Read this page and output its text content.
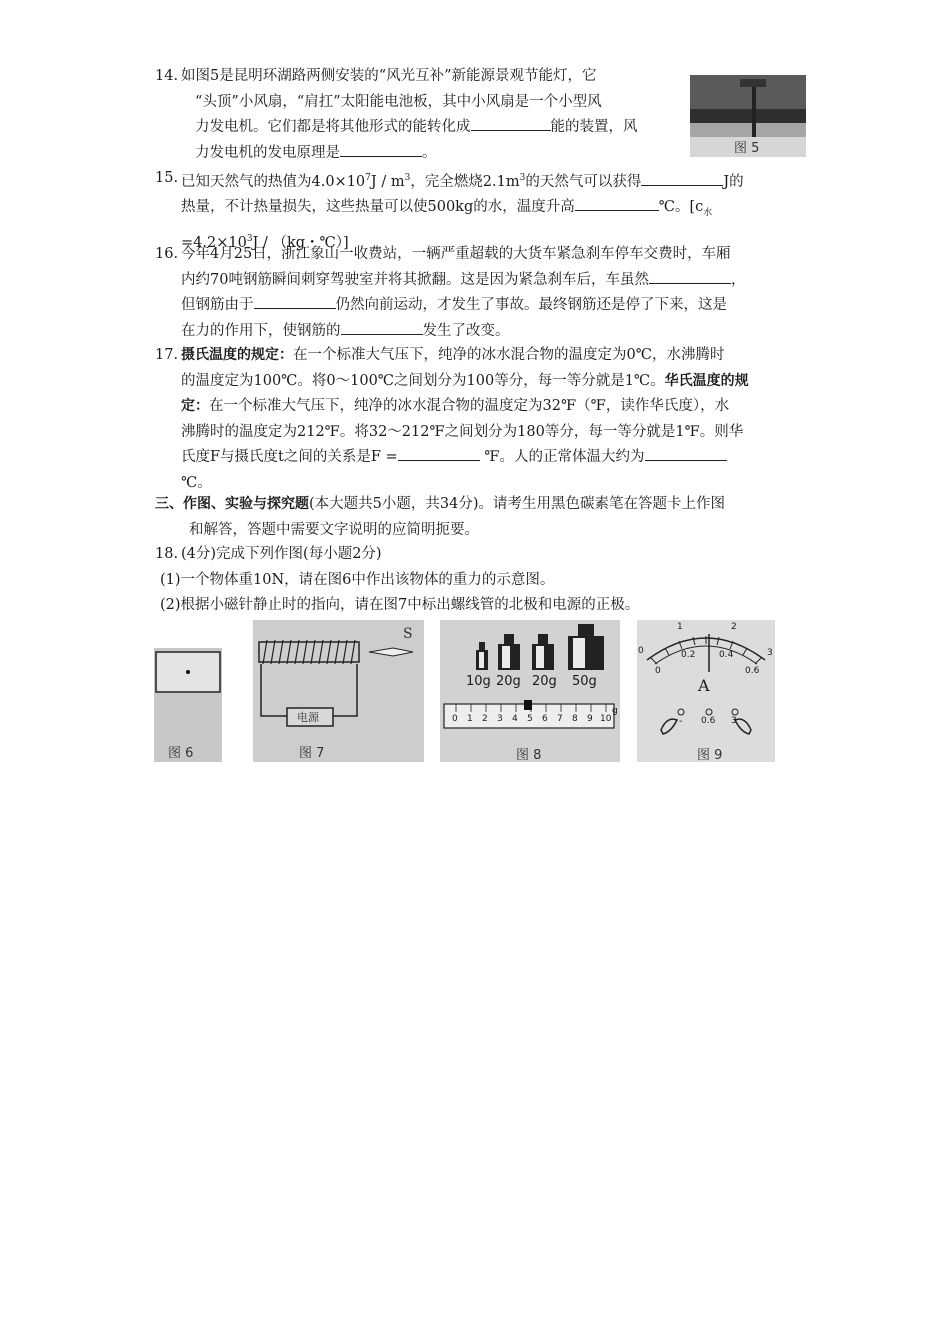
14. 如图5是昆明环湖路两侧安装的“风光互补”新能源景观节能灯，它
“头顶”小风扇，“肩扛”太阳能电池板，其中小风扇是一个小型风
力发电机。它们都是将其他形式的能转化成	能的装置，风
力发电机的发电原理是	。	图 5
15. 已知天然气的热值为$4.0\times 10^7J / m^3$，完全燃烧$2.1m^3$的天然气可以获得	J的
热量，不计热量损失，这些热量可以使500kg的水，温度升高	℃。[$c_水$
$=4.2\times 10^3J / (kg$・℃）]
16. 今年4月25日，浙江象山一收费站，一辆严重超载的大货车紧急刹车停车交费时，车厢
内约70吨钢筋瞬间刺穿驾驶室并将其掀翻。这是因为紧急刹车后，车虽然	，
但钢筋由于	仍然向前运动，才发生了事故。最终钢筋还是停了下来，这是
在力的作用下，使钢筋的	发生了改变。
17. 摄氏温度的规定：在一个标准大气压下，纯净的冰水混合物的温度定为0℃，水沸腾时
的温度定为100℃。将0～100℃之间划分为100等分，每一等分就是1℃。华氏温度的规
定：在一个标准大气压下，纯净的冰水混合物的温度定为32℉（℉，读作华氏度），水
沸腾时的温度定为212℉。将32～212℉之间划分为180等分，每一等分就是1℉。则华
氏度F与摄氏度t之间的关系是F =	℉。人的正常体温大约为
℃。
三、作图、实验与探究题(本大题共5小题，共34分)。请考生用黑色碳素笔在答题卡上作图
和解答，答题中需要文字说明的应简明扼要。
18. (4分)完成下列作图(每小题2分)
(1)一个物体重10N，请在图6中作出该物体的重力的示意图。
(2)根据小磁针静止时的指向，请在图7中标出螺线管的北极和电源的正极。
图 6
S
电源
图 7
10g 20g 20g 50g
0 1 2 3 4 5 6 7 8 9 10
g
图 8
0
1	2
3
0
0.2	0.4
0.6
A
- 0.6 3
图 9
